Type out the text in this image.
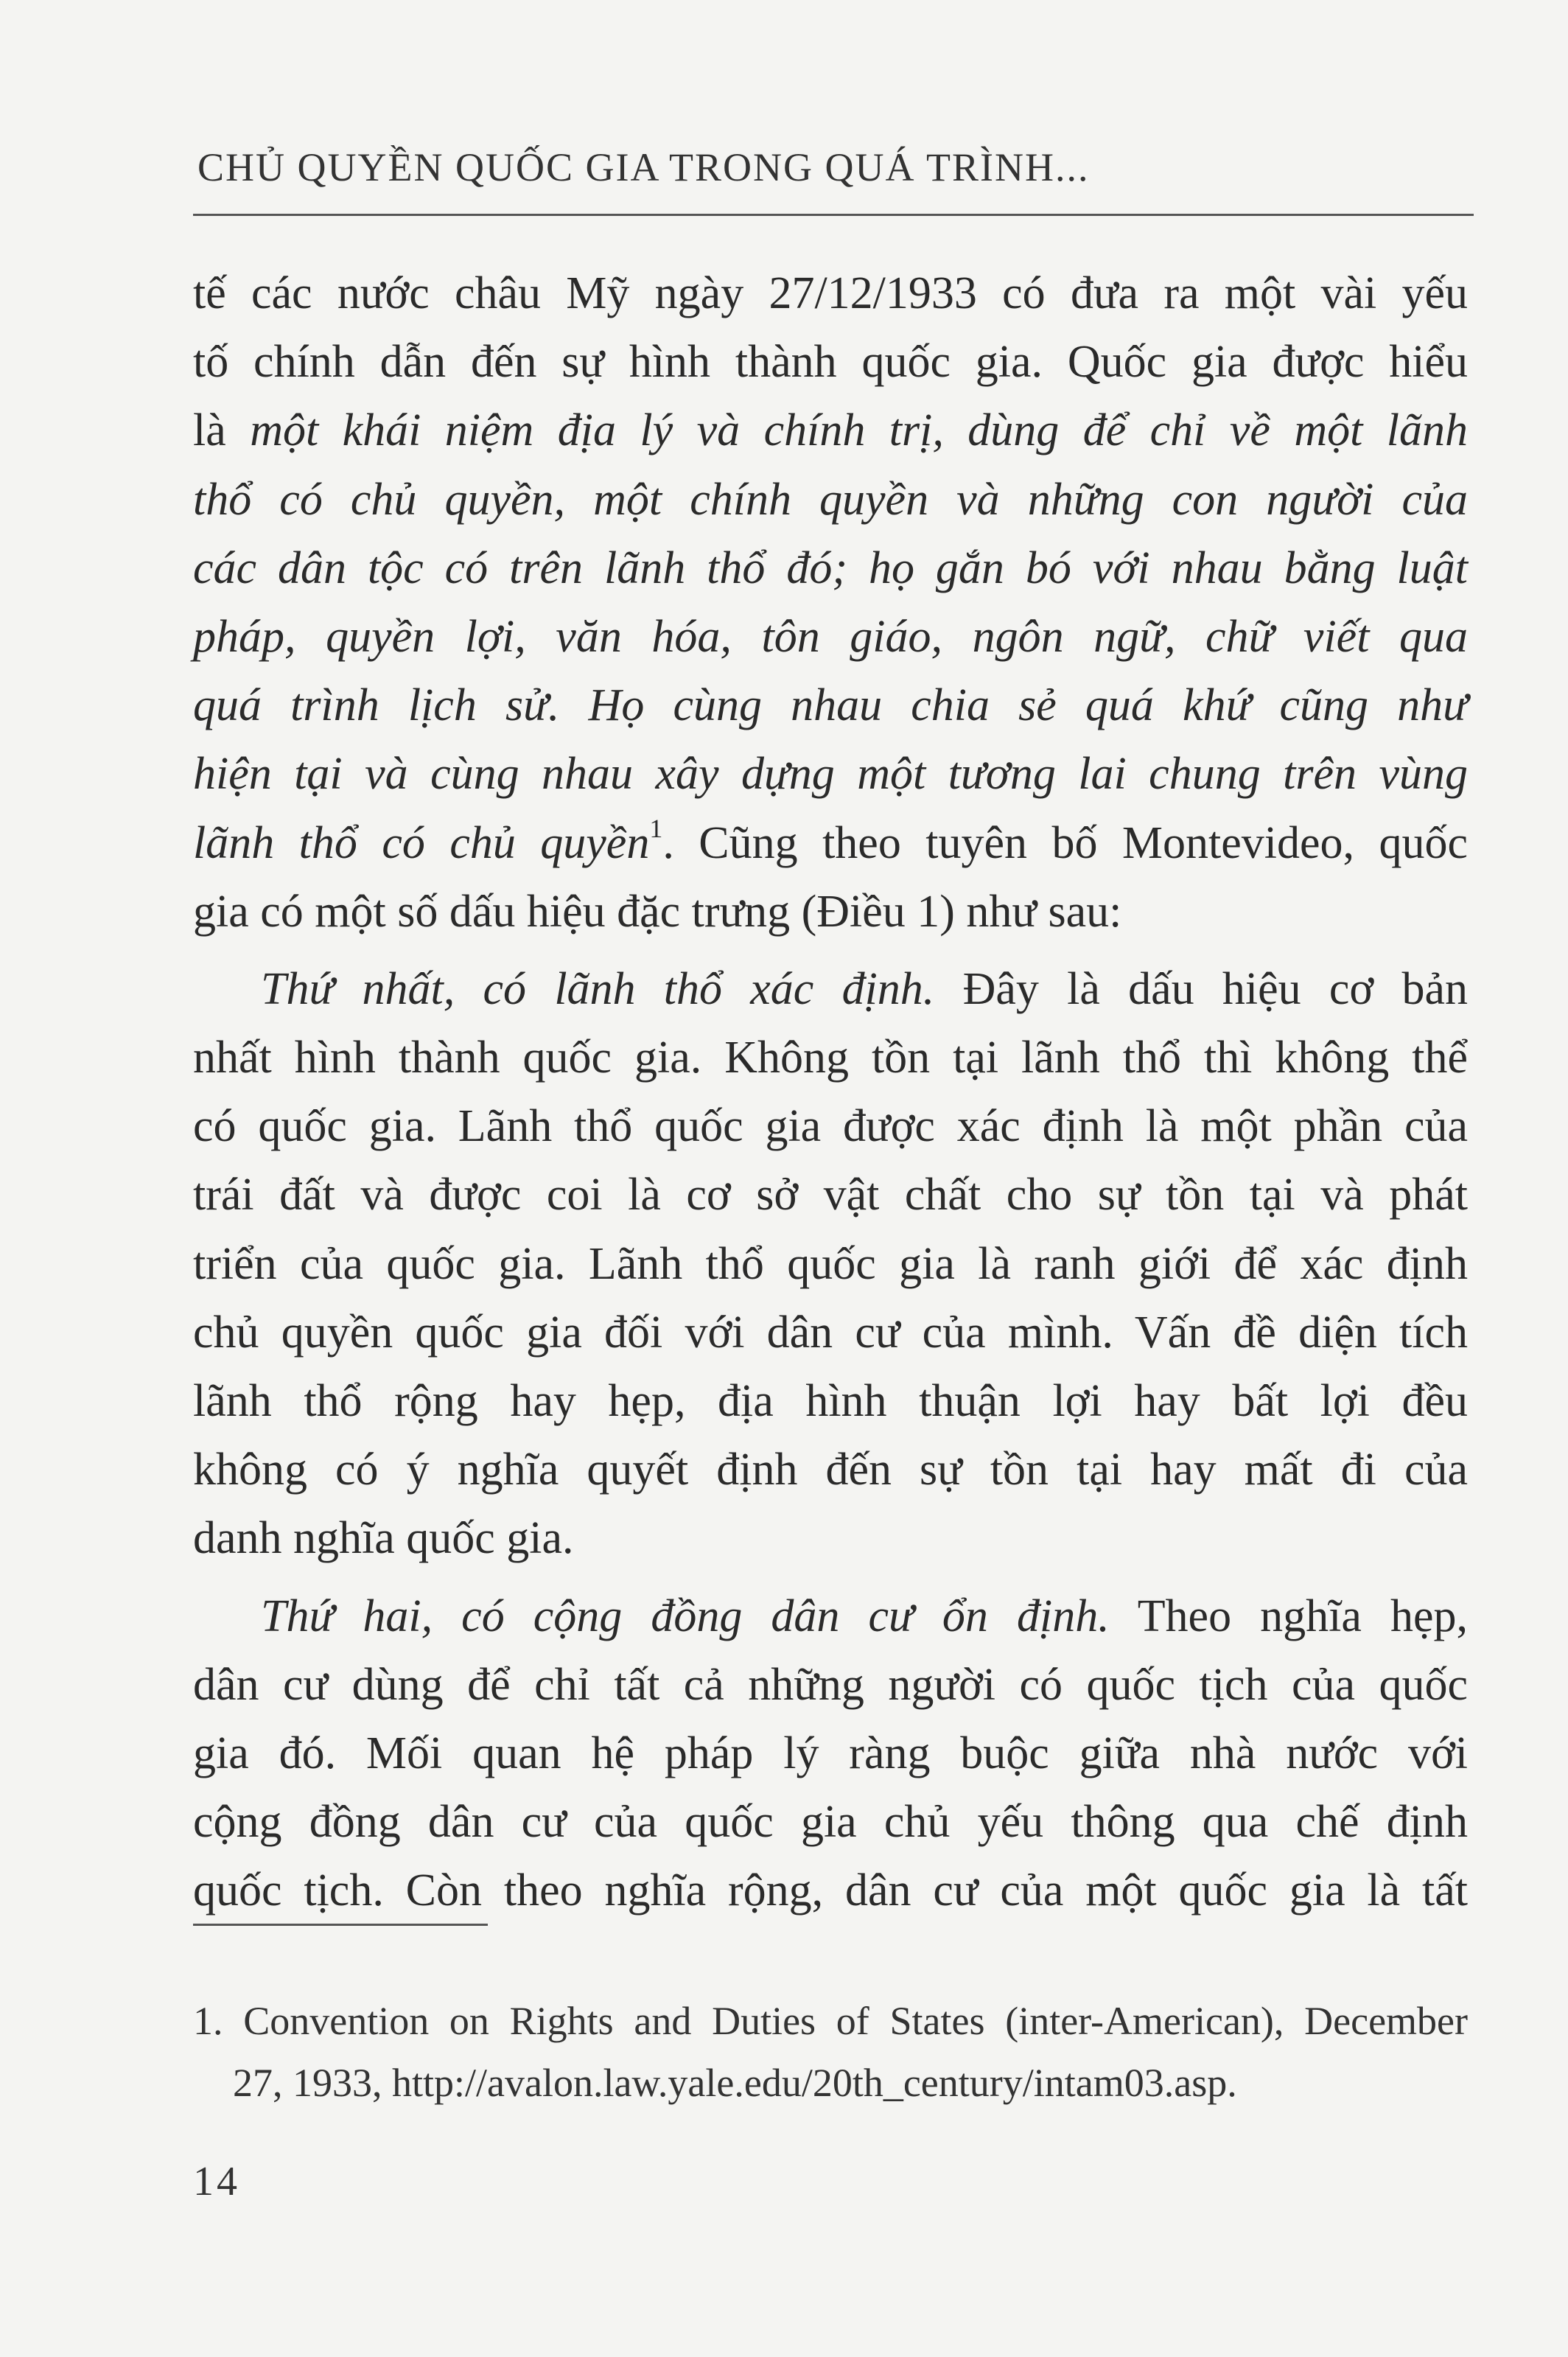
CHỦ QUYỀN QUỐC GIA TRONG QUÁ TRÌNH...
tế các nước châu Mỹ ngày 27/12/1933 có đưa ra một vài yếu
tố chính dẫn đến sự hình thành quốc gia. Quốc gia được hiểu
là một khái niệm địa lý và chính trị, dùng để chỉ về một lãnh
thổ có chủ quyền, một chính quyền và những con người của
các dân tộc có trên lãnh thổ đó; họ gắn bó với nhau bằng luật
pháp, quyền lợi, văn hóa, tôn giáo, ngôn ngữ, chữ viết qua
quá trình lịch sử. Họ cùng nhau chia sẻ quá khứ cũng như
hiện tại và cùng nhau xây dựng một tương lai chung trên vùng
lãnh thổ có chủ quyền$^1$. Cũng theo tuyên bố Montevideo, quốc
gia có một số dấu hiệu đặc trưng (Điều 1) như sau:
Thứ nhất, có lãnh thổ xác định. Đây là dấu hiệu cơ bản
nhất hình thành quốc gia. Không tồn tại lãnh thổ thì không thể
có quốc gia. Lãnh thổ quốc gia được xác định là một phần của
trái đất và được coi là cơ sở vật chất cho sự tồn tại và phát
triển của quốc gia. Lãnh thổ quốc gia là ranh giới để xác định
chủ quyền quốc gia đối với dân cư của mình. Vấn đề diện tích
lãnh thổ rộng hay hẹp, địa hình thuận lợi hay bất lợi đều
không có ý nghĩa quyết định đến sự tồn tại hay mất đi của
danh nghĩa quốc gia.
Thứ hai, có cộng đồng dân cư ổn định. Theo nghĩa hẹp,
dân cư dùng để chỉ tất cả những người có quốc tịch của quốc
gia đó. Mối quan hệ pháp lý ràng buộc giữa nhà nước với
cộng đồng dân cư của quốc gia chủ yếu thông qua chế định
quốc tịch. Còn theo nghĩa rộng, dân cư của một quốc gia là tất
1. Convention on Rights and Duties of States (inter-American), December
27, 1933, http://avalon.law.yale.edu/20th_century/intam03.asp.
14
